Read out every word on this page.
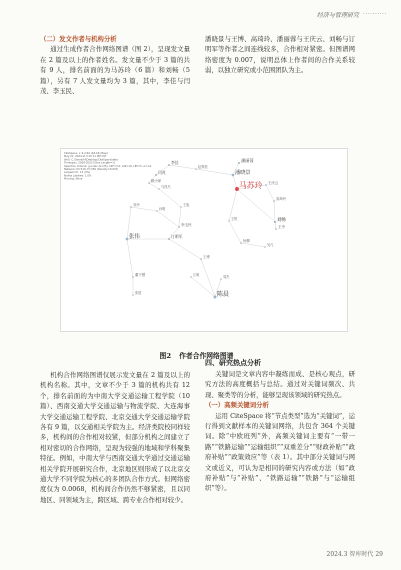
经济与管理研究 ··········
（二）发文作者与机构分析

通过生成作者合作网络图谱（图 2），呈现发文量在 2 篇及以上的作者姓名。发文量不少于 3 篇的共有 9 人，排名前面的为马苏玲（6 篇）和刘畅（5 篇），另有 7 人发文量均为 3 篇，其中，李佳与闫茂、李玉民、

潘晓景与王博、高琦玲、潘丽蓉与王庆云、刘畅与订明军等作者之间连线较多，合作相对紧密。但图谱网络密度为 0.007，说明总体上作者间的合作关系较弱，以独立研究或小范围团队为主。

CiteSpace, v. 6.2.R4 (64-bit) Basic
May 21, 2024 at 3:15:11 PM CST
WoS: C:\Users\AI\Desktop\CiteSpace\data
Timespan: 2009-2023 (Slice Length=1)
Selection Criteria: g-index (k=25), LRF=3.0, L/N=10, LBY=5, e=1.0
Network: N=318, E=356 (Density=0.007)
Largest CC: 13 (4%)
Nodes Labeled: 1.0%
Pruning: None
潘丽蓉
李佳
赵青松
闫茂
顾小萍
马昌杰	马苏玲
潘晓景
王庆云
高琦玲
刘畅
王中
刘丹
孙明
李玉民
王锐
订明军
杨柳
张伟
王博
董于慧
张建	陈晨
江明
王旭
吴凡
周杰
图2 作者合作网络图谱

机构合作网络图谱仅展示发文量在 2 篇及以上的机构名称。其中，文章不少于 3 篇的机构共有 12 个，排名前面的为中南大学交通运输工程学院（10 篇）、西南交通大学交通运输与物流学院、大连海事大学交通运输工程学院、北京交通大学交通运输学院各有 9 篇，以交通相关学院为主。经济类院校同样较多，机构间的合作相对较紧，但部分机构之间建立了相对密切的合作网络，呈现为较强的地域和学科聚集特征。例如，中南大学与西南交通大学通过交通运输相关学院开展研究合作，北京地区则形成了以北京交通大学不同学院为核心的多团队合作方式。但网络密度仅为 0.0068，机构间合作仍然不够紧密，且以同地区、同领域为主，跨区域、跨专业合作相对较少。

四、研究热点分析

关键词是文章内容中凝练而成、是核心观点，研究方法的高度概括与总结。通过对关键词频次、共现、聚类等的分析，能够呈现该领域的研究热点。

（一）高频关键词分析

运用 CiteSpace 将“节点类型”选为“关键词”，运行得到文献样本的关键词网络，共包含 364 个关键词。除“中欧班列”外，高频关键词主要有“一带一路”“铁路运输”“运输组织”“双重差分”“财政补贴”“政府补贴”“政策效应”等（表 1）。其中部分关键词与网文或近义，可认为是相同的研究内容或方法（如“政府补贴”与“补贴”、“铁路运输”“铁路”与“运输组织”等）。

2024.3 智库时代 29
